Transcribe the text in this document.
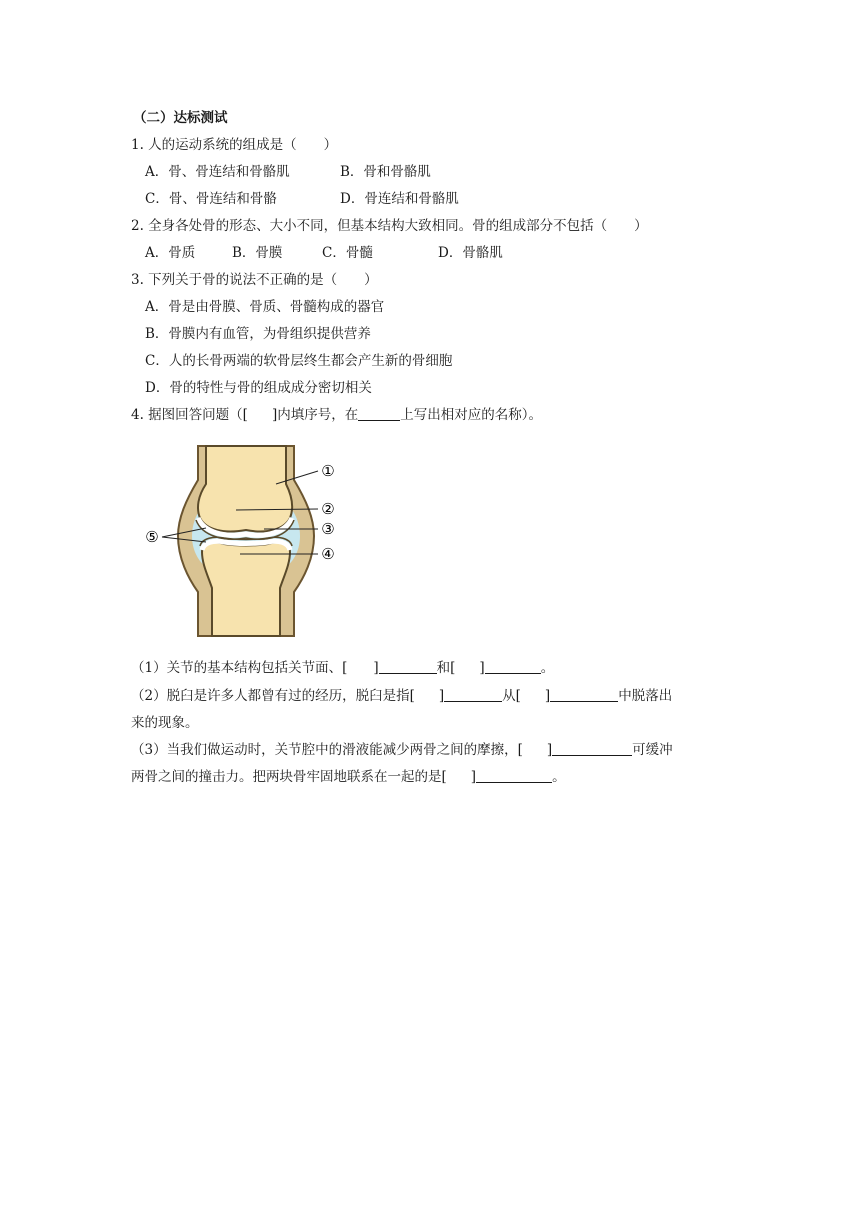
（二）达标测试
1. 人的运动系统的组成是（　　）
A．骨、骨连结和骨骼肌	B．骨和骨骼肌
C．骨、骨连结和骨骼	D．骨连结和骨骼肌
2. 全身各处骨的形态、大小不同，但基本结构大致相同。骨的组成部分不包括（　　）
A．骨质	B．骨膜	C．骨髓	D．骨骼肌
3. 下列关于骨的说法不正确的是（　　）
A．骨是由骨膜、骨质、骨髓构成的器官
B．骨膜内有血管，为骨组织提供营养
C．人的长骨两端的软骨层终生都会产生新的骨细胞
D．骨的特性与骨的组成成分密切相关
4. 据图回答问题（[ ]内填序号，在	上写出相对应的名称）。
①
②
③
④
⑤
（1）关节的基本结构包括关节面、[ ]	和[ ]	。
（2）脱臼是许多人都曾有过的经历，脱臼是指[ ]	从[ ]	中脱落出
来的现象。
（3）当我们做运动时，关节腔中的滑液能减少两骨之间的摩擦，[ ]	可缓冲
两骨之间的撞击力。把两块骨牢固地联系在一起的是[ ]	。
